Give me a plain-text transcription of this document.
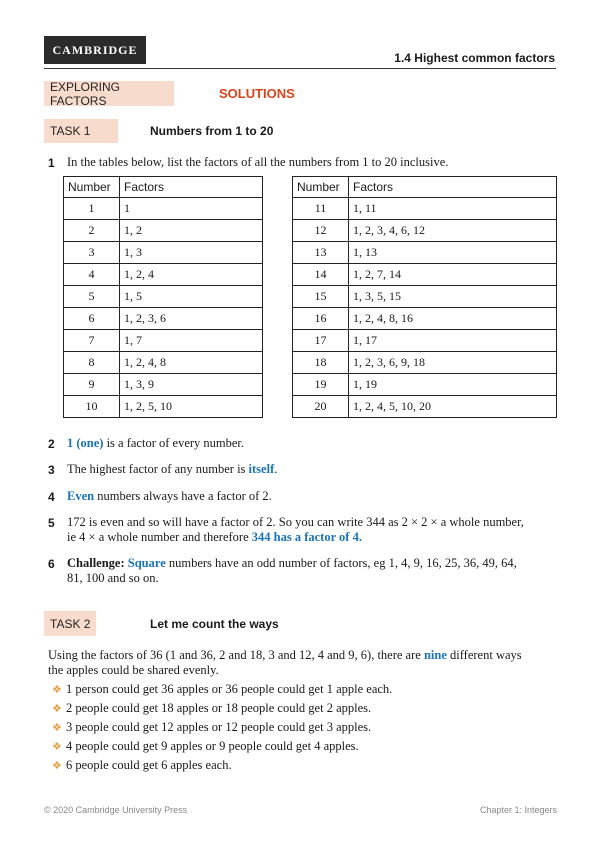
CAMBRIDGE
1.4 Highest common factors
EXPLORING FACTORS	SOLUTIONS
TASK 1	Numbers from 1 to 20
1 In the tables below, list the factors of all the numbers from 1 to 20 inclusive.
Number	Factors
1	1
2	1, 2
3	1, 3
4	1, 2, 4
5	1, 5
6	1, 2, 3, 6
7	1, 7
8	1, 2, 4, 8
9	1, 3, 9
10	1, 2, 5, 10
Number	Factors
11	1, 11
12	1, 2, 3, 4, 6, 12
13	1, 13
14	1, 2, 7, 14
15	1, 3, 5, 15
16	1, 2, 4, 8, 16
17	1, 17
18	1, 2, 3, 6, 9, 18
19	1, 19
20	1, 2, 4, 5, 10, 20
2 1 (one) is a factor of every number.
3 The highest factor of any number is itself.
4 Even numbers always have a factor of 2.
5 172 is even and so will have a factor of 2. So you can write 344 as 2 × 2 × a whole number,
ie 4 × a whole number and therefore 344 has a factor of 4.
6 Challenge: Square numbers have an odd number of factors, eg 1, 4, 9, 16, 25, 36, 49, 64,
81, 100 and so on.
TASK 2	Let me count the ways
Using the factors of 36 (1 and 36, 2 and 18, 3 and 12, 4 and 9, 6), there are nine different ways
the apples could be shared evenly.
❖ 1 person could get 36 apples or 36 people could get 1 apple each.
❖ 2 people could get 18 apples or 18 people could get 2 apples.
❖ 3 people could get 12 apples or 12 people could get 3 apples.
❖ 4 people could get 9 apples or 9 people could get 4 apples.
❖ 6 people could get 6 apples each.
© 2020 Cambridge University Press	Chapter 1: Integers
